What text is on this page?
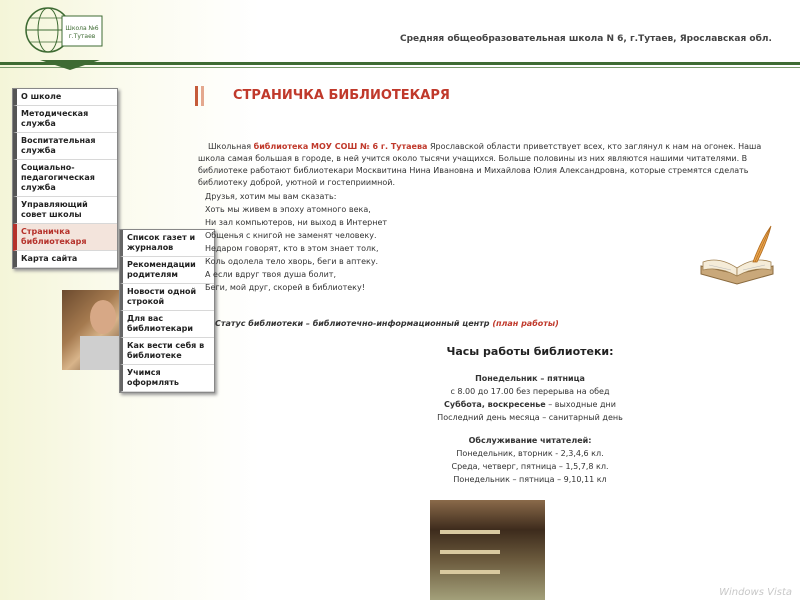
Школа №6
г.Тутаев	Средняя общеобразовательная школа N 6, г.Тутаев, Ярославская обл.
О школе
Методическая служба
Воспитательная служба
Социально-педагогическая служба
Управляющий совет школы
Страничка библиотекаря
Карта сайта
Список газет и журналов
Рекомендации родителям
Новости одной строкой
Для вас библиотекари
Как вести себя в библиотеке
Учимся оформлять
СТРАНИЧКА БИБЛИОТЕКАРЯ

Школьная библиотека МОУ СОШ № 6 г. Тутаева Ярославской области приветствует всех, кто заглянул к нам на огонек. Наша школа самая большая в городе, в ней учится около тысячи учащихся. Больше половины из них являются нашими читателями. В библиотеке работают библиотекари Москвитина Нина Ивановна и Михайлова Юлия Александровна, которые стремятся сделать библиотеку доброй, уютной и гостеприимной.

Друзья, хотим мы вам сказать:
Хоть мы живем в эпоху атомного века,
Ни зал компьютеров, ни выход в Интернет
Общенья с книгой не заменят человеку.
Недаром говорят, кто в этом знает толк,
Коль одолела тело хворь, беги в аптеку.
А если вдруг твоя душа болит,
Беги, мой друг, скорей в библиотеку!

Статус библиотеки – библиотечно-информационный центр (план работы)

Часы работы библиотеки:
Понедельник – пятница
с 8.00 до 17.00 без перерыва на обед
Суббота, воскресенье – выходные дни
Последний день месяца – санитарный день
Обслуживание читателей:
Понедельник, вторник - 2,3,4,6 кл.
Среда, четверг, пятница – 1,5,7,8 кл.
Понедельник – пятница – 9,10,11 кл
Windows Vista
